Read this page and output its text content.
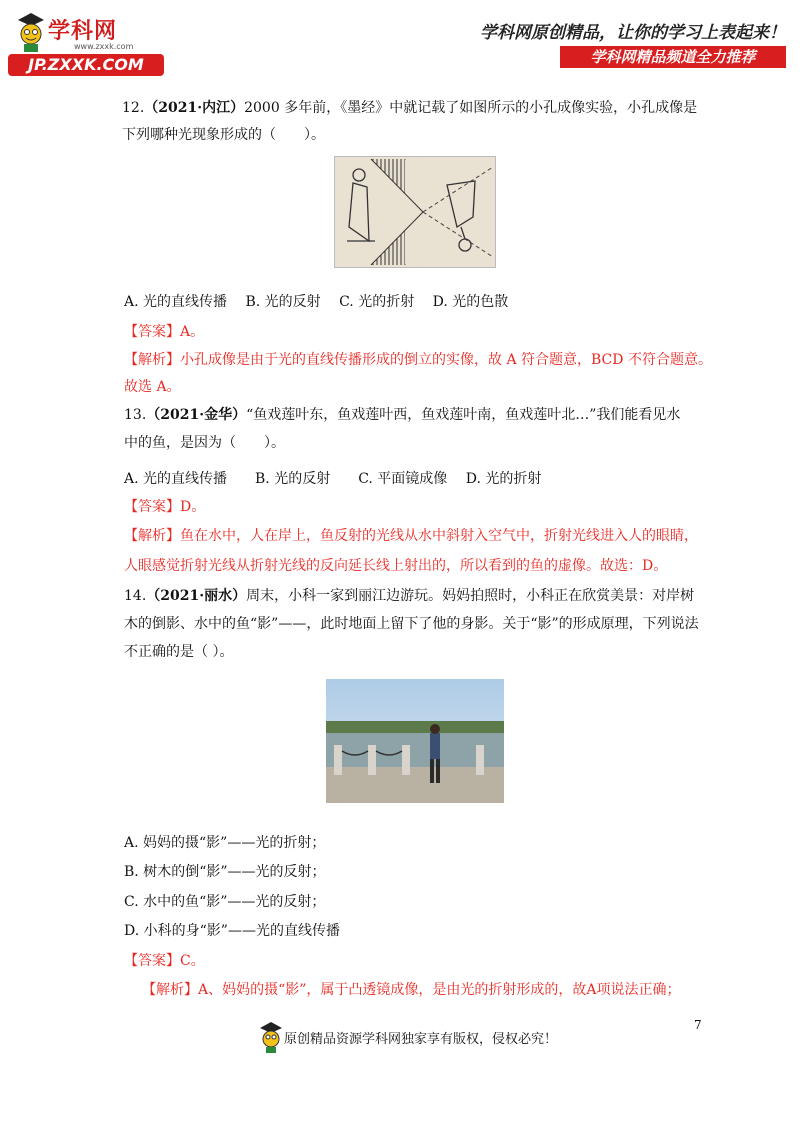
学科网
www.zxxk.com
JP.ZXXK.COM
学科网原创精品，让你的学习上表起来！
学科网精品频道全力推荐
12.（2021·内江）2000 多年前，《墨经》中就记载了如图所示的小孔成像实验，小孔成像是
下列哪种光现象形成的（　　）。
A. 光的直线传播　 B. 光的反射　 C. 光的折射　 D. 光的色散
【答案】A。
【解析】小孔成像是由于光的直线传播形成的倒立的实像，故 A 符合题意，BCD 不符合题意。
故选 A。
13.（2021·金华）“鱼戏莲叶东，鱼戏莲叶西，鱼戏莲叶南，鱼戏莲叶北…”我们能看见水
中的鱼，是因为（　　）。
A. 光的直线传播　　B. 光的反射　　C. 平面镜成像　 D. 光的折射
【答案】D。
【解析】鱼在水中，人在岸上，鱼反射的光线从水中斜射入空气中，折射光线进入人的眼睛，
人眼感觉折射光线从折射光线的反向延长线上射出的，所以看到的鱼的虚像。故选：D。
14.（2021·丽水）周末，小科一家到丽江边游玩。妈妈拍照时，小科正在欣赏美景：对岸树
木的倒影、水中的鱼“影”——，此时地面上留下了他的身影。关于“影”的形成原理，下列说法
不正确的是（ ）。
A. 妈妈的摄“影”——光的折射；
B. 树木的倒“影”——光的反射；
C. 水中的鱼“影”——光的反射；
D. 小科的身“影”——光的直线传播
【答案】C。
【解析】A、妈妈的摄“影”，属于凸透镜成像，是由光的折射形成的，故A项说法正确；
7
原创精品资源学科网独家享有版权，侵权必究！
